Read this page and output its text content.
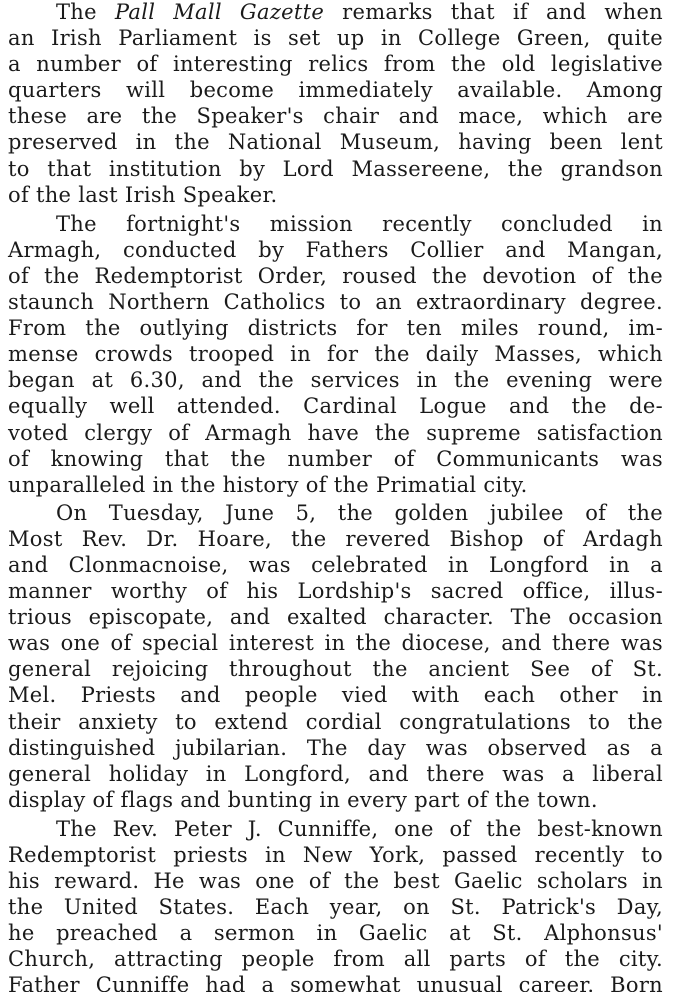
The Pall Mall Gazette remarks that if and when
an Irish Parliament is set up in College Green, quite
a number of interesting relics from the old legislative
quarters will become immediately available. Among
these are the Speaker's chair and mace, which are
preserved in the National Museum, having been lent
to that institution by Lord Massereene, the grandson
of the last Irish Speaker.
The fortnight's mission recently concluded in
Armagh, conducted by Fathers Collier and Mangan,
of the Redemptorist Order, roused the devotion of the
staunch Northern Catholics to an extraordinary degree.
From the outlying districts for ten miles round, im-
mense crowds trooped in for the daily Masses, which
began at 6.30, and the services in the evening were
equally well attended. Cardinal Logue and the de-
voted clergy of Armagh have the supreme satisfaction
of knowing that the number of Communicants was
unparalleled in the history of the Primatial city.
On Tuesday, June 5, the golden jubilee of the
Most Rev. Dr. Hoare, the revered Bishop of Ardagh
and Clonmacnoise, was celebrated in Longford in a
manner worthy of his Lordship's sacred office, illus-
trious episcopate, and exalted character. The occasion
was one of special interest in the diocese, and there was
general rejoicing throughout the ancient See of St.
Mel. Priests and people vied with each other in
their anxiety to extend cordial congratulations to the
distinguished jubilarian. The day was observed as a
general holiday in Longford, and there was a liberal
display of flags and bunting in every part of the town.
The Rev. Peter J. Cunniffe, one of the best-known
Redemptorist priests in New York, passed recently to
his reward. He was one of the best Gaelic scholars in
the United States. Each year, on St. Patrick's Day,
he preached a sermon in Gaelic at St. Alphonsus'
Church, attracting people from all parts of the city.
Father Cunniffe had a somewhat unusual career. Born
